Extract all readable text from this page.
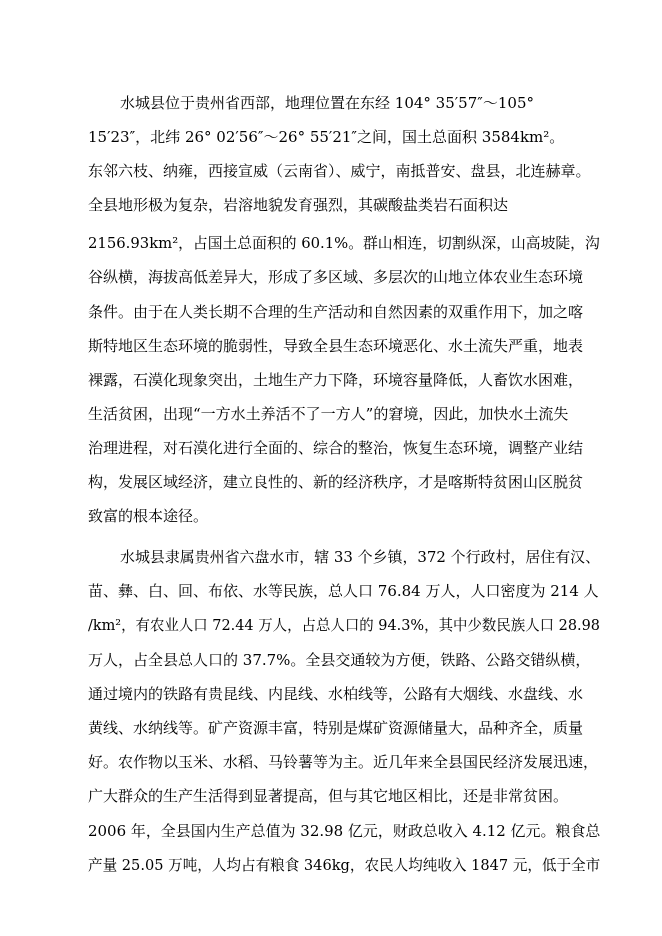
水城县位于贵州省西部，地理位置在东经 104° 35′57″～105°
15′23″，北纬 26° 02′56″～26° 55′21″之间，国土总面积 3584km²。
东邻六枝、纳雍，西接宣威（云南省）、威宁，南抵普安、盘县，北连赫章。
全县地形极为复杂，岩溶地貌发育强烈，其碳酸盐类岩石面积达
2156.93km²，占国土总面积的 60.1%。群山相连，切割纵深，山高坡陡，沟
谷纵横，海拔高低差异大，形成了多区域、多层次的山地立体农业生态环境
条件。由于在人类长期不合理的生产活动和自然因素的双重作用下，加之喀
斯特地区生态环境的脆弱性，导致全县生态环境恶化、水土流失严重，地表
裸露，石漠化现象突出，土地生产力下降，环境容量降低，人畜饮水困难，
生活贫困，出现“一方水土养活不了一方人”的窘境，因此，加快水土流失
治理进程，对石漠化进行全面的、综合的整治，恢复生态环境，调整产业结
构，发展区域经济，建立良性的、新的经济秩序，才是喀斯特贫困山区脱贫
致富的根本途径。
水城县隶属贵州省六盘水市，辖 33 个乡镇，372 个行政村，居住有汉、
苗、彝、白、回、布依、水等民族，总人口 76.84 万人，人口密度为 214 人
/km²，有农业人口 72.44 万人，占总人口的 94.3%，其中少数民族人口 28.98
万人，占全县总人口的 37.7%。全县交通较为方便，铁路、公路交错纵横，
通过境内的铁路有贵昆线、内昆线、水柏线等，公路有大烟线、水盘线、水
黄线、水纳线等。矿产资源丰富，特别是煤矿资源储量大，品种齐全，质量
好。农作物以玉米、水稻、马铃薯等为主。近几年来全县国民经济发展迅速，
广大群众的生产生活得到显著提高，但与其它地区相比，还是非常贫困。
2006 年，全县国内生产总值为 32.98 亿元，财政总收入 4.12 亿元。粮食总
产量 25.05 万吨，人均占有粮食 346kg，农民人均纯收入 1847 元，低于全市
